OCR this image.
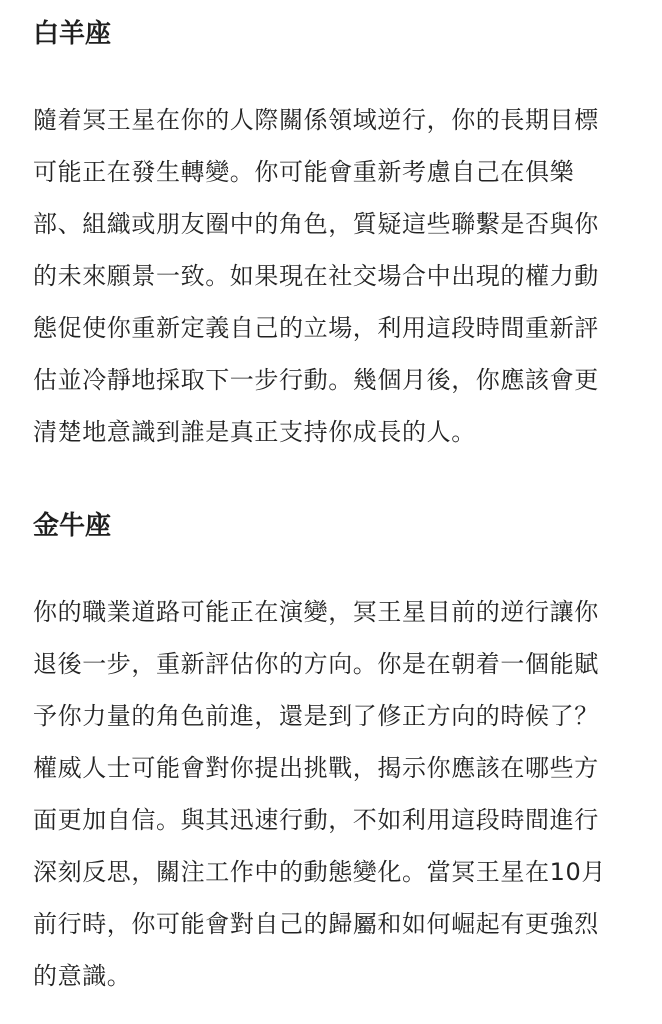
白羊座
隨着冥王星在你的人際關係領域逆行，你的長期目標
可能正在發生轉變。你可能會重新考慮自己在俱樂
部、組織或朋友圈中的角色，質疑這些聯繫是否與你
的未來願景一致。如果現在社交場合中出現的權力動
態促使你重新定義自己的立場，利用這段時間重新評
估並冷靜地採取下一步行動。幾個月後，你應該會更
清楚地意識到誰是真正支持你成長的人。
金牛座
你的職業道路可能正在演變，冥王星目前的逆行讓你
退後一步，重新評估你的方向。你是在朝着一個能賦
予你力量的角色前進，還是到了修正方向的時候了？
權威人士可能會對你提出挑戰，揭示你應該在哪些方
面更加自信。與其迅速行動，不如利用這段時間進行
深刻反思，關注工作中的動態變化。當冥王星在10月
前行時，你可能會對自己的歸屬和如何崛起有更強烈
的意識。
